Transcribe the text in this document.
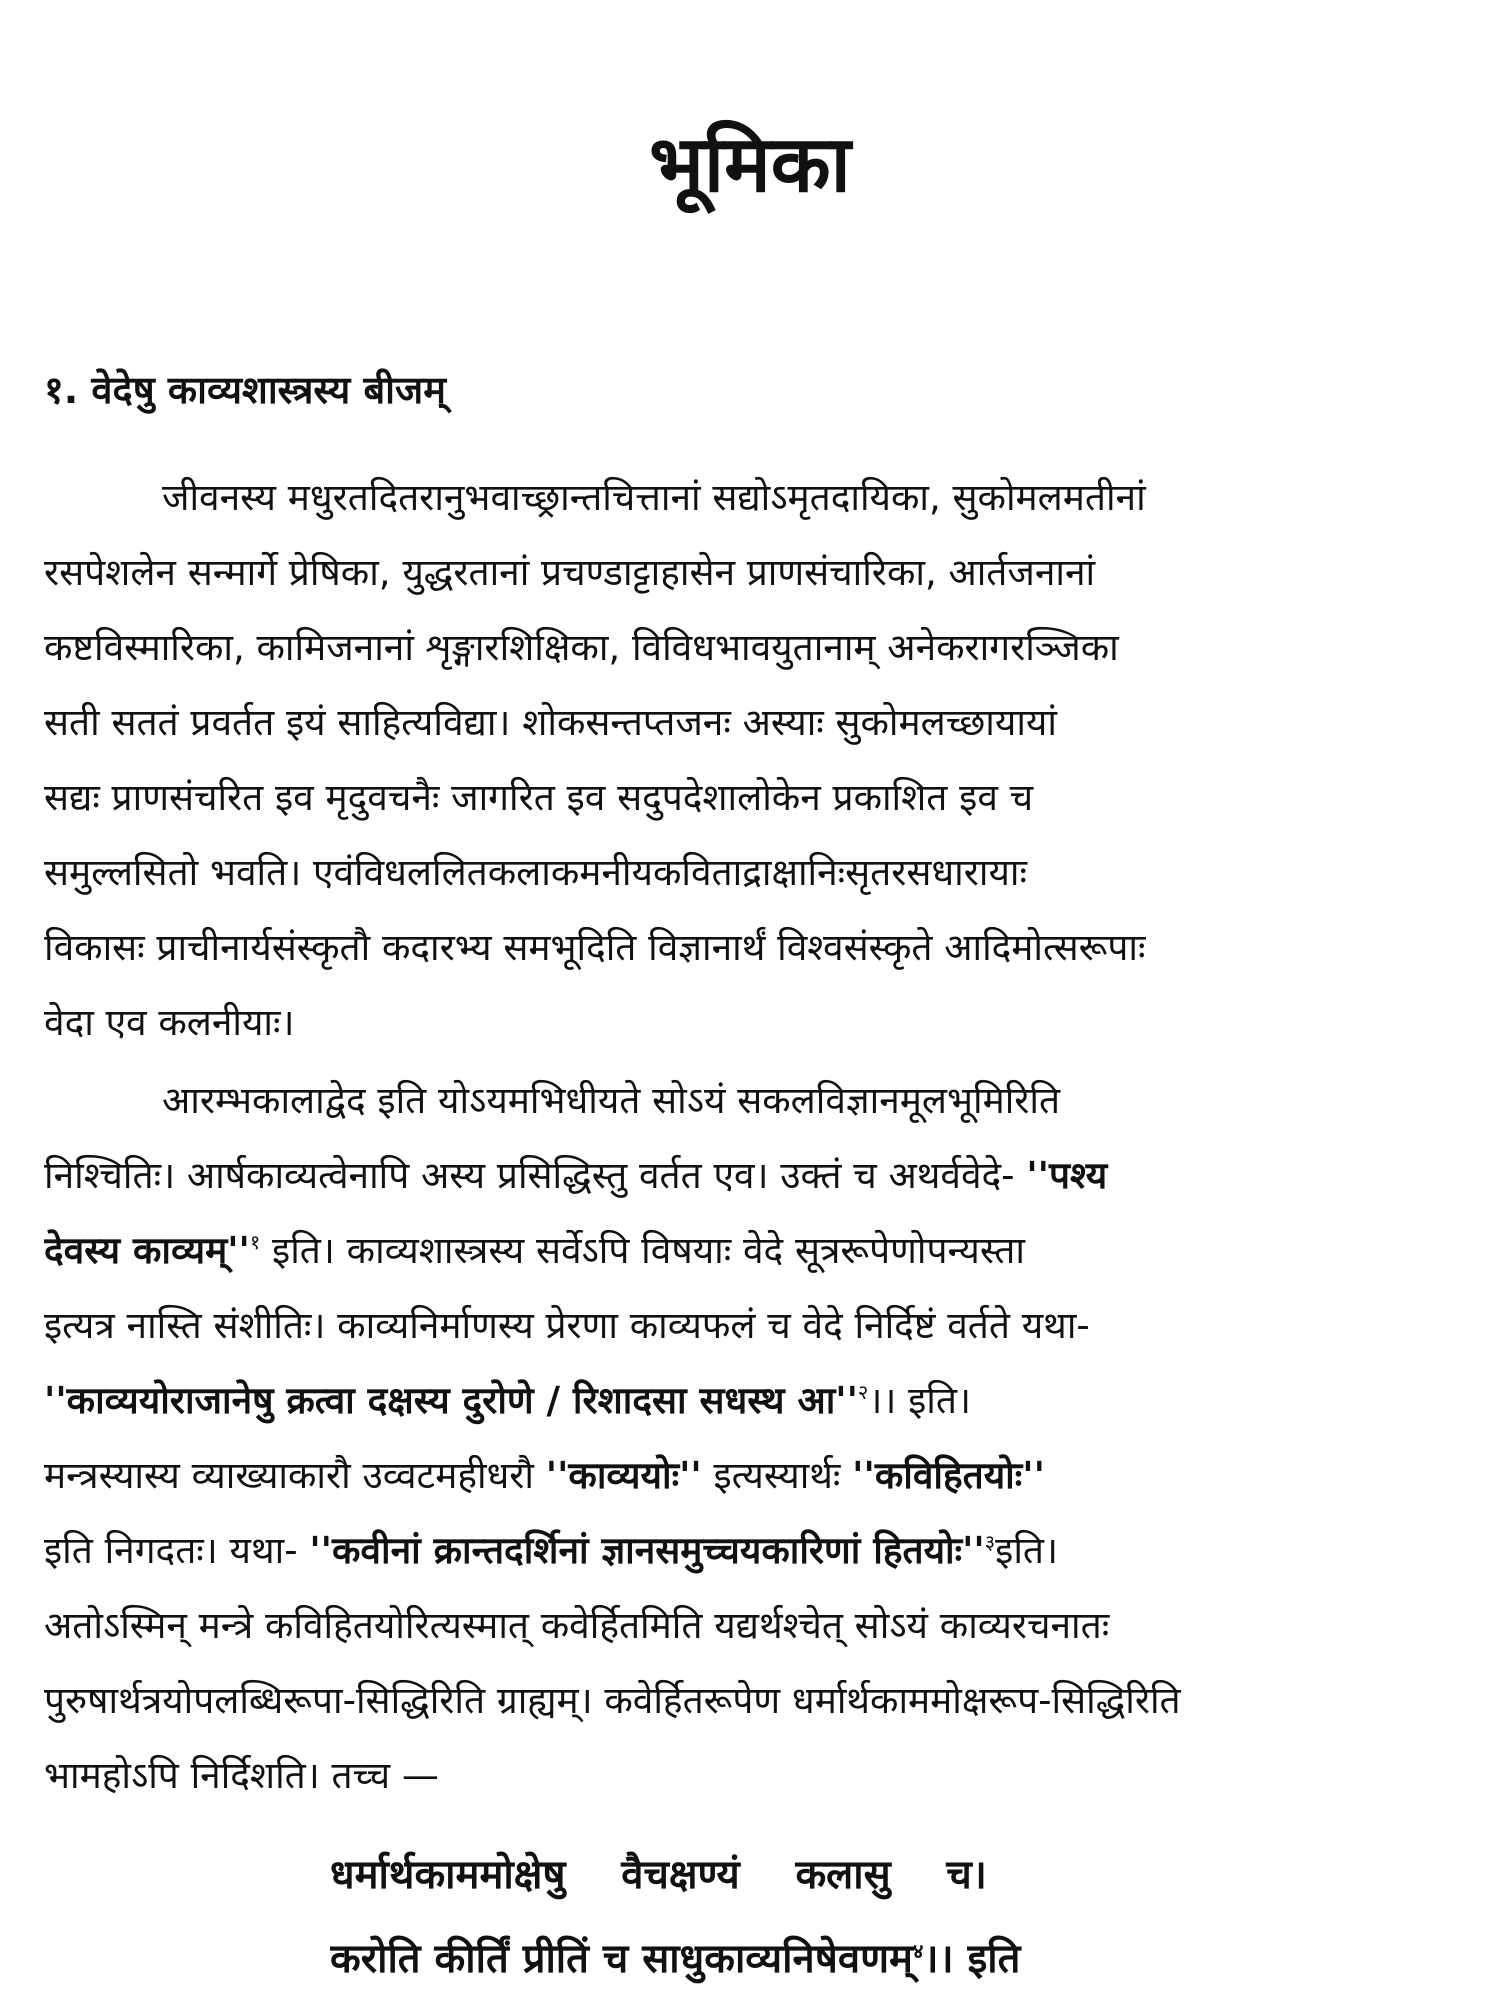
भूमिका
१. वेदेषु काव्यशास्त्रस्य बीजम्
जीवनस्य मधुरतदितरानुभवाच्छ्रान्तचित्तानां सद्योऽमृतदायिका, सुकोमलमतीनां
रसपेशलेन सन्मार्गे प्रेषिका, युद्धरतानां प्रचण्डाट्टाहासेन प्राणसंचारिका, आर्तजनानां
कष्टविस्मारिका, कामिजनानां शृङ्गारशिक्षिका, विविधभावयुतानाम् अनेकरागरञ्जिका
सती सततं प्रवर्तत इयं साहित्यविद्या। शोकसन्तप्तजनः अस्याः सुकोमलच्छायायां
सद्यः प्राणसंचरित इव मृदुवचनैः जागरित इव सदुपदेशालोकेन प्रकाशित इव च
समुल्लसितो भवति। एवंविधललितकलाकमनीयकविताद्राक्षानिःसृतरसधारायाः
विकासः प्राचीनार्यसंस्कृतौ कदारभ्य समभूदिति विज्ञानार्थं विश्वसंस्कृते आदिमोत्सरूपाः
वेदा एव कलनीयाः।
आरम्भकालाद्वेद इति योऽयमभिधीयते सोऽयं सकलविज्ञानमूलभूमिरिति
निश्चितिः। आर्षकाव्यत्वेनापि अस्य प्रसिद्धिस्तु वर्तत एव। उक्तं च अथर्ववेदे- ''पश्य
देवस्य $काव्यम्''^१$ इति। काव्यशास्त्रस्य सर्वेऽपि विषयाः वेदे सूत्ररूपेणोपन्यस्ता
इत्यत्र नास्ति संशीतिः। काव्यनिर्माणस्य प्रेरणा काव्यफलं च वेदे निर्दिष्टं वर्तते यथा-
''काव्ययोराजानेषु क्रत्वा दक्षस्य दुरोणे / रिशादसा सधस्थ $आ''^२।।$ इति।
मन्त्रस्यास्य व्याख्याकारौ उव्वटमहीधरौ ''काव्ययोः'' इत्यस्यार्थः ''कविहितयोः''
इति निगदतः। यथा- ''कवीनां क्रान्तदर्शिनां ज्ञानसमुच्चयकारिणां $हितयोः''^३इति।$
अतोऽस्मिन् मन्त्रे कविहितयोरित्यस्मात् कवेर्हितमिति यद्यर्थश्चेत् सोऽयं काव्यरचनातः
पुरुषार्थत्रयोपलब्धिरूपा-सिद्धिरिति ग्राह्यम्। कवेर्हितरूपेण धर्मार्थकाममोक्षरूप-सिद्धिरिति
भामहोऽपि निर्दिशति। तच्च —
धर्मार्थकाममोक्षेषु    वैचक्षण्यं    कलासु    च।
करोति कीर्तिं प्रीतिं च साधुकाव्यनिषेवणम्$^४$।। इति
